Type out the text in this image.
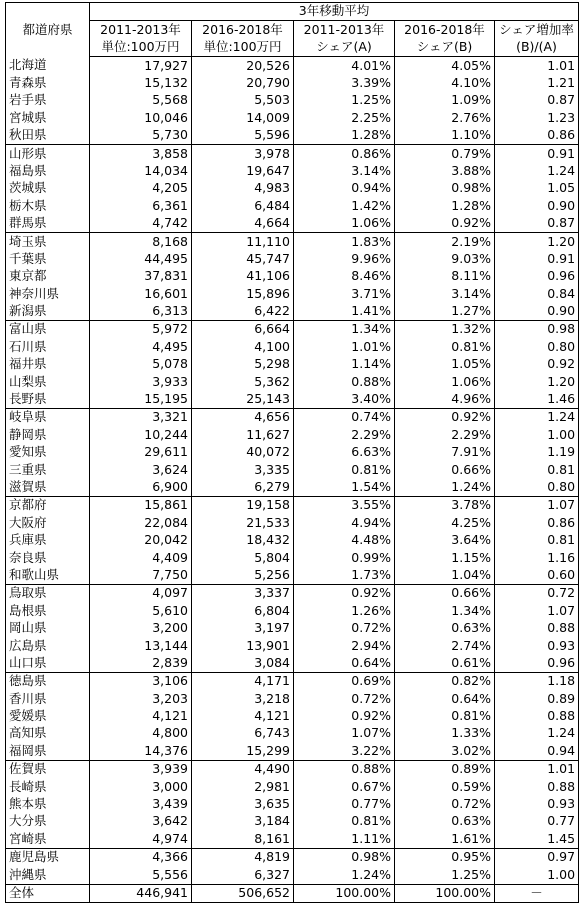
都道府県	3年移動平均				
	2011-2013年	2016-2018年	2011-2013年	2016-2018年	シェア増加率
	単位:100万円	単位:100万円	シェア(A)	シェア(B)	(B)/(A)
北海道	17,927	20,526	4.01%	4.05%	1.01
青森県	15,132	20,790	3.39%	4.10%	1.21
岩手県	5,568	5,503	1.25%	1.09%	0.87
宮城県	10,046	14,009	2.25%	2.76%	1.23
秋田県	5,730	5,596	1.28%	1.10%	0.86
山形県	3,858	3,978	0.86%	0.79%	0.91
福島県	14,034	19,647	3.14%	3.88%	1.24
茨城県	4,205	4,983	0.94%	0.98%	1.05
栃木県	6,361	6,484	1.42%	1.28%	0.90
群馬県	4,742	4,664	1.06%	0.92%	0.87
埼玉県	8,168	11,110	1.83%	2.19%	1.20
千葉県	44,495	45,747	9.96%	9.03%	0.91
東京都	37,831	41,106	8.46%	8.11%	0.96
神奈川県	16,601	15,896	3.71%	3.14%	0.84
新潟県	6,313	6,422	1.41%	1.27%	0.90
富山県	5,972	6,664	1.34%	1.32%	0.98
石川県	4,495	4,100	1.01%	0.81%	0.80
福井県	5,078	5,298	1.14%	1.05%	0.92
山梨県	3,933	5,362	0.88%	1.06%	1.20
長野県	15,195	25,143	3.40%	4.96%	1.46
岐阜県	3,321	4,656	0.74%	0.92%	1.24
静岡県	10,244	11,627	2.29%	2.29%	1.00
愛知県	29,611	40,072	6.63%	7.91%	1.19
三重県	3,624	3,335	0.81%	0.66%	0.81
滋賀県	6,900	6,279	1.54%	1.24%	0.80
京都府	15,861	19,158	3.55%	3.78%	1.07
大阪府	22,084	21,533	4.94%	4.25%	0.86
兵庫県	20,042	18,432	4.48%	3.64%	0.81
奈良県	4,409	5,804	0.99%	1.15%	1.16
和歌山県	7,750	5,256	1.73%	1.04%	0.60
鳥取県	4,097	3,337	0.92%	0.66%	0.72
島根県	5,610	6,804	1.26%	1.34%	1.07
岡山県	3,200	3,197	0.72%	0.63%	0.88
広島県	13,144	13,901	2.94%	2.74%	0.93
山口県	2,839	3,084	0.64%	0.61%	0.96
徳島県	3,106	4,171	0.69%	0.82%	1.18
香川県	3,203	3,218	0.72%	0.64%	0.89
愛媛県	4,121	4,121	0.92%	0.81%	0.88
高知県	4,800	6,743	1.07%	1.33%	1.24
福岡県	14,376	15,299	3.22%	3.02%	0.94
佐賀県	3,939	4,490	0.88%	0.89%	1.01
長崎県	3,000	2,981	0.67%	0.59%	0.88
熊本県	3,439	3,635	0.77%	0.72%	0.93
大分県	3,642	3,184	0.81%	0.63%	0.77
宮崎県	4,974	8,161	1.11%	1.61%	1.45
鹿児島県	4,366	4,819	0.98%	0.95%	0.97
沖縄県	5,556	6,327	1.24%	1.25%	1.00
全体	446,941	506,652	100.00%	100.00%	－
